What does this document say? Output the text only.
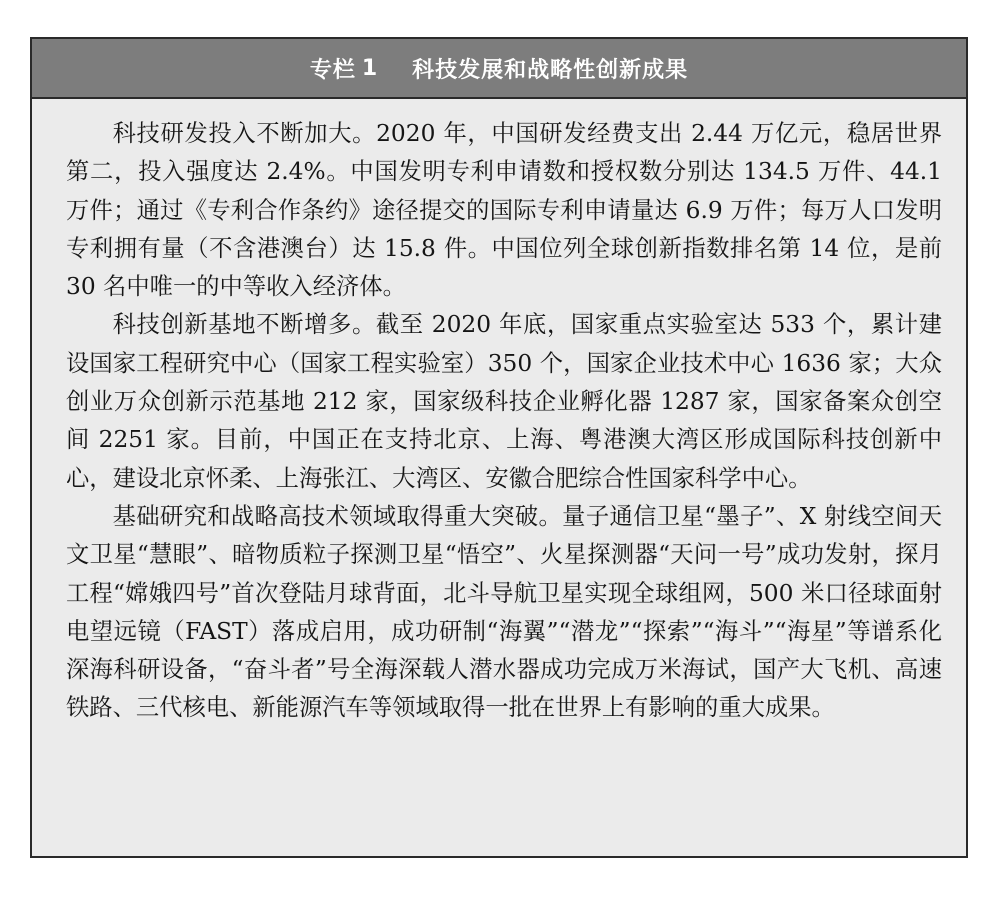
专栏 1 科技发展和战略性创新成果

科技研发投入不断加大。2020 年，中国研发经费支出 2.44 万亿元，稳居世界第二，投入强度达 2.4%。中国发明专利申请数和授权数分别达 134.5 万件、44.1 万件；通过《专利合作条约》途径提交的国际专利申请量达 6.9 万件；每万人口发明专利拥有量（不含港澳台）达 15.8 件。中国位列全球创新指数排名第 14 位，是前 30 名中唯一的中等收入经济体。

科技创新基地不断增多。截至 2020 年底，国家重点实验室达 533 个，累计建设国家工程研究中心（国家工程实验室）350 个，国家企业技术中心 1636 家；大众创业万众创新示范基地 212 家，国家级科技企业孵化器 1287 家，国家备案众创空间 2251 家。目前，中国正在支持北京、上海、粤港澳大湾区形成国际科技创新中心，建设北京怀柔、上海张江、大湾区、安徽合肥综合性国家科学中心。

基础研究和战略高技术领域取得重大突破。量子通信卫星“墨子”、X 射线空间天文卫星“慧眼”、暗物质粒子探测卫星“悟空”、火星探测器“天问一号”成功发射，探月工程“嫦娥四号”首次登陆月球背面，北斗导航卫星实现全球组网，500 米口径球面射电望远镜（FAST）落成启用，成功研制“海翼”“潜龙”“探索”“海斗”“海星”等谱系化深海科研设备，“奋斗者”号全海深载人潜水器成功完成万米海试，国产大飞机、高速铁路、三代核电、新能源汽车等领域取得一批在世界上有影响的重大成果。
